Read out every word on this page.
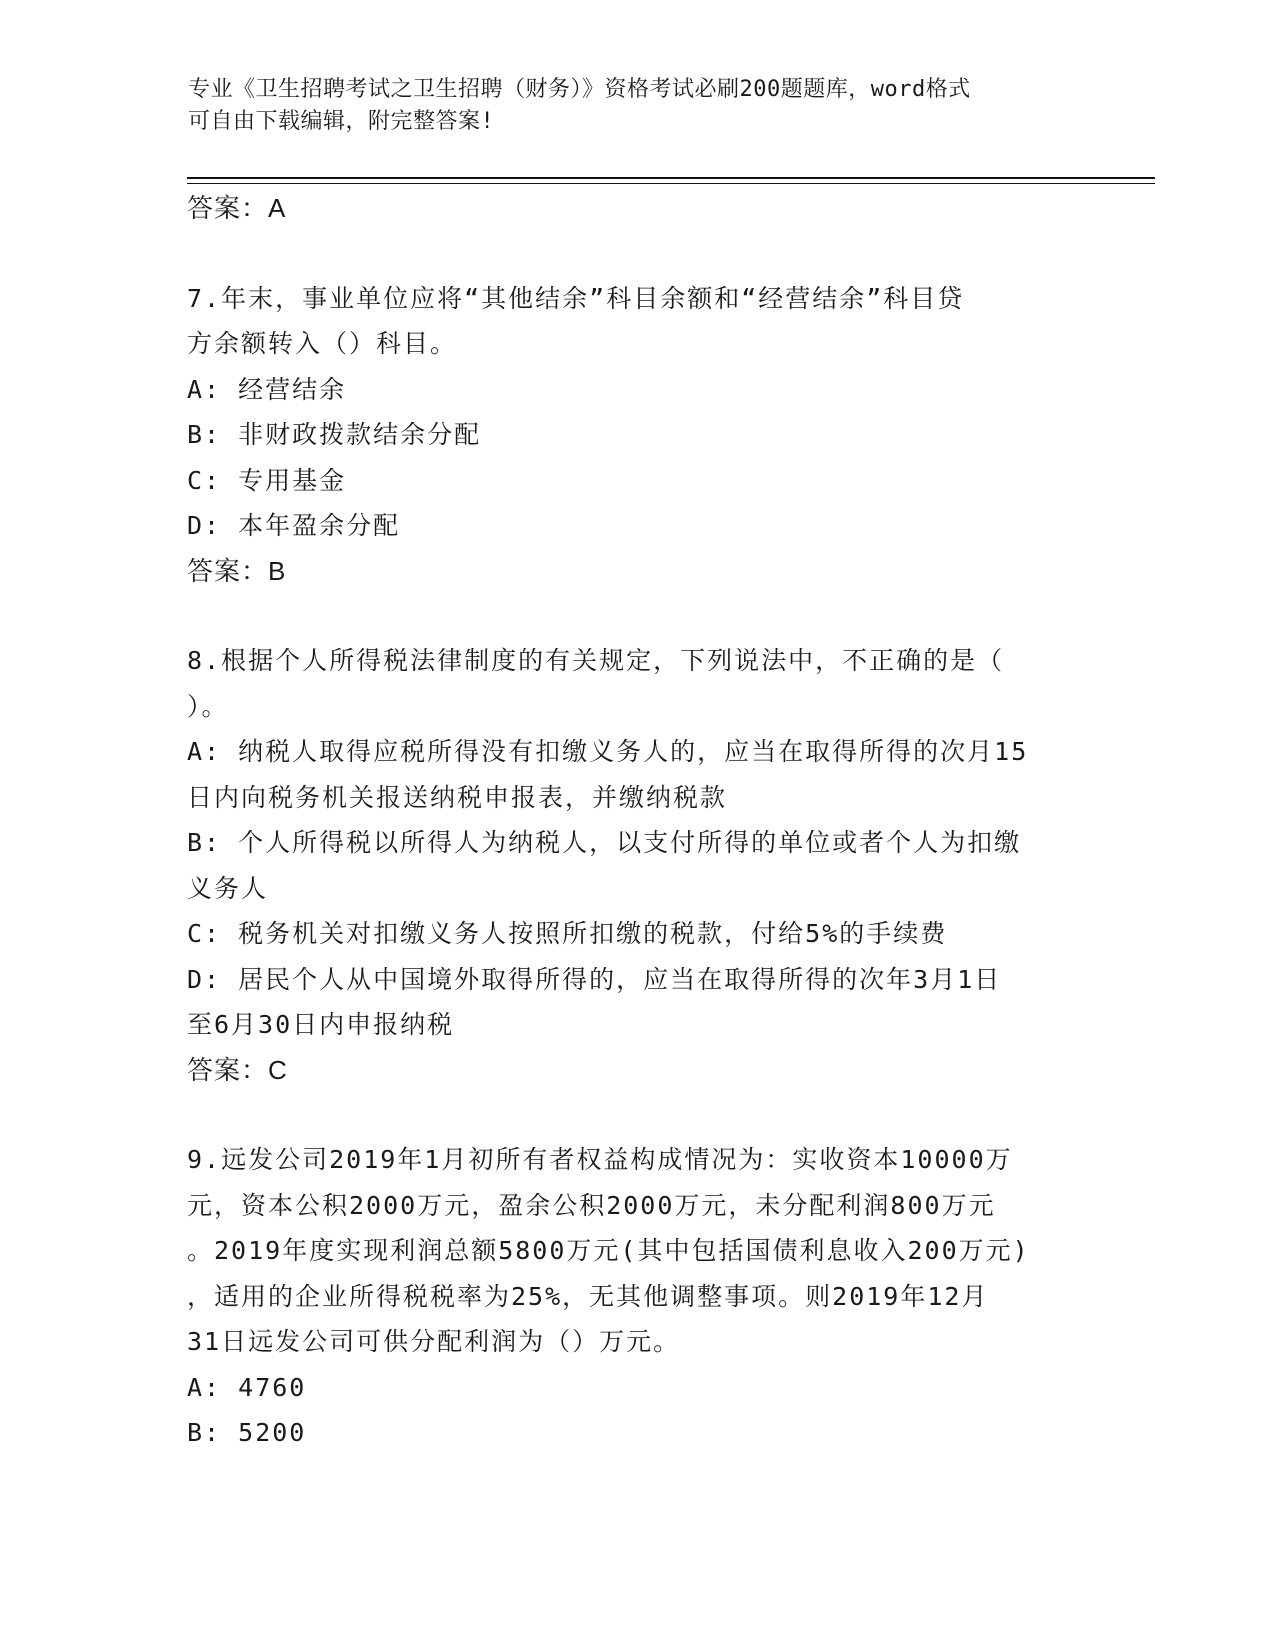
专业《卫生招聘考试之卫生招聘（财务）》资格考试必刷200题题库，word格式
可自由下载编辑，附完整答案!
答案：A
7.年末，事业单位应将“其他结余”科目余额和“经营结余”科目贷
方余额转入（）科目。
A: 经营结余
B: 非财政拨款结余分配
C: 专用基金
D: 本年盈余分配
答案：B
8.根据个人所得税法律制度的有关规定，下列说法中，不正确的是（
）。
A: 纳税人取得应税所得没有扣缴义务人的，应当在取得所得的次月15
日内向税务机关报送纳税申报表，并缴纳税款
B: 个人所得税以所得人为纳税人，以支付所得的单位或者个人为扣缴
义务人
C: 税务机关对扣缴义务人按照所扣缴的税款，付给5%的手续费
D: 居民个人从中国境外取得所得的，应当在取得所得的次年3月1日
至6月30日内申报纳税
答案：C
9.远发公司2019年1月初所有者权益构成情况为：实收资本10000万
元，资本公积2000万元，盈余公积2000万元，未分配利润800万元
。2019年度实现利润总额5800万元(其中包括国债利息收入200万元)
，适用的企业所得税税率为25%，无其他调整事项。则2019年12月
31日远发公司可供分配利润为（）万元。
A: 4760
B: 5200
